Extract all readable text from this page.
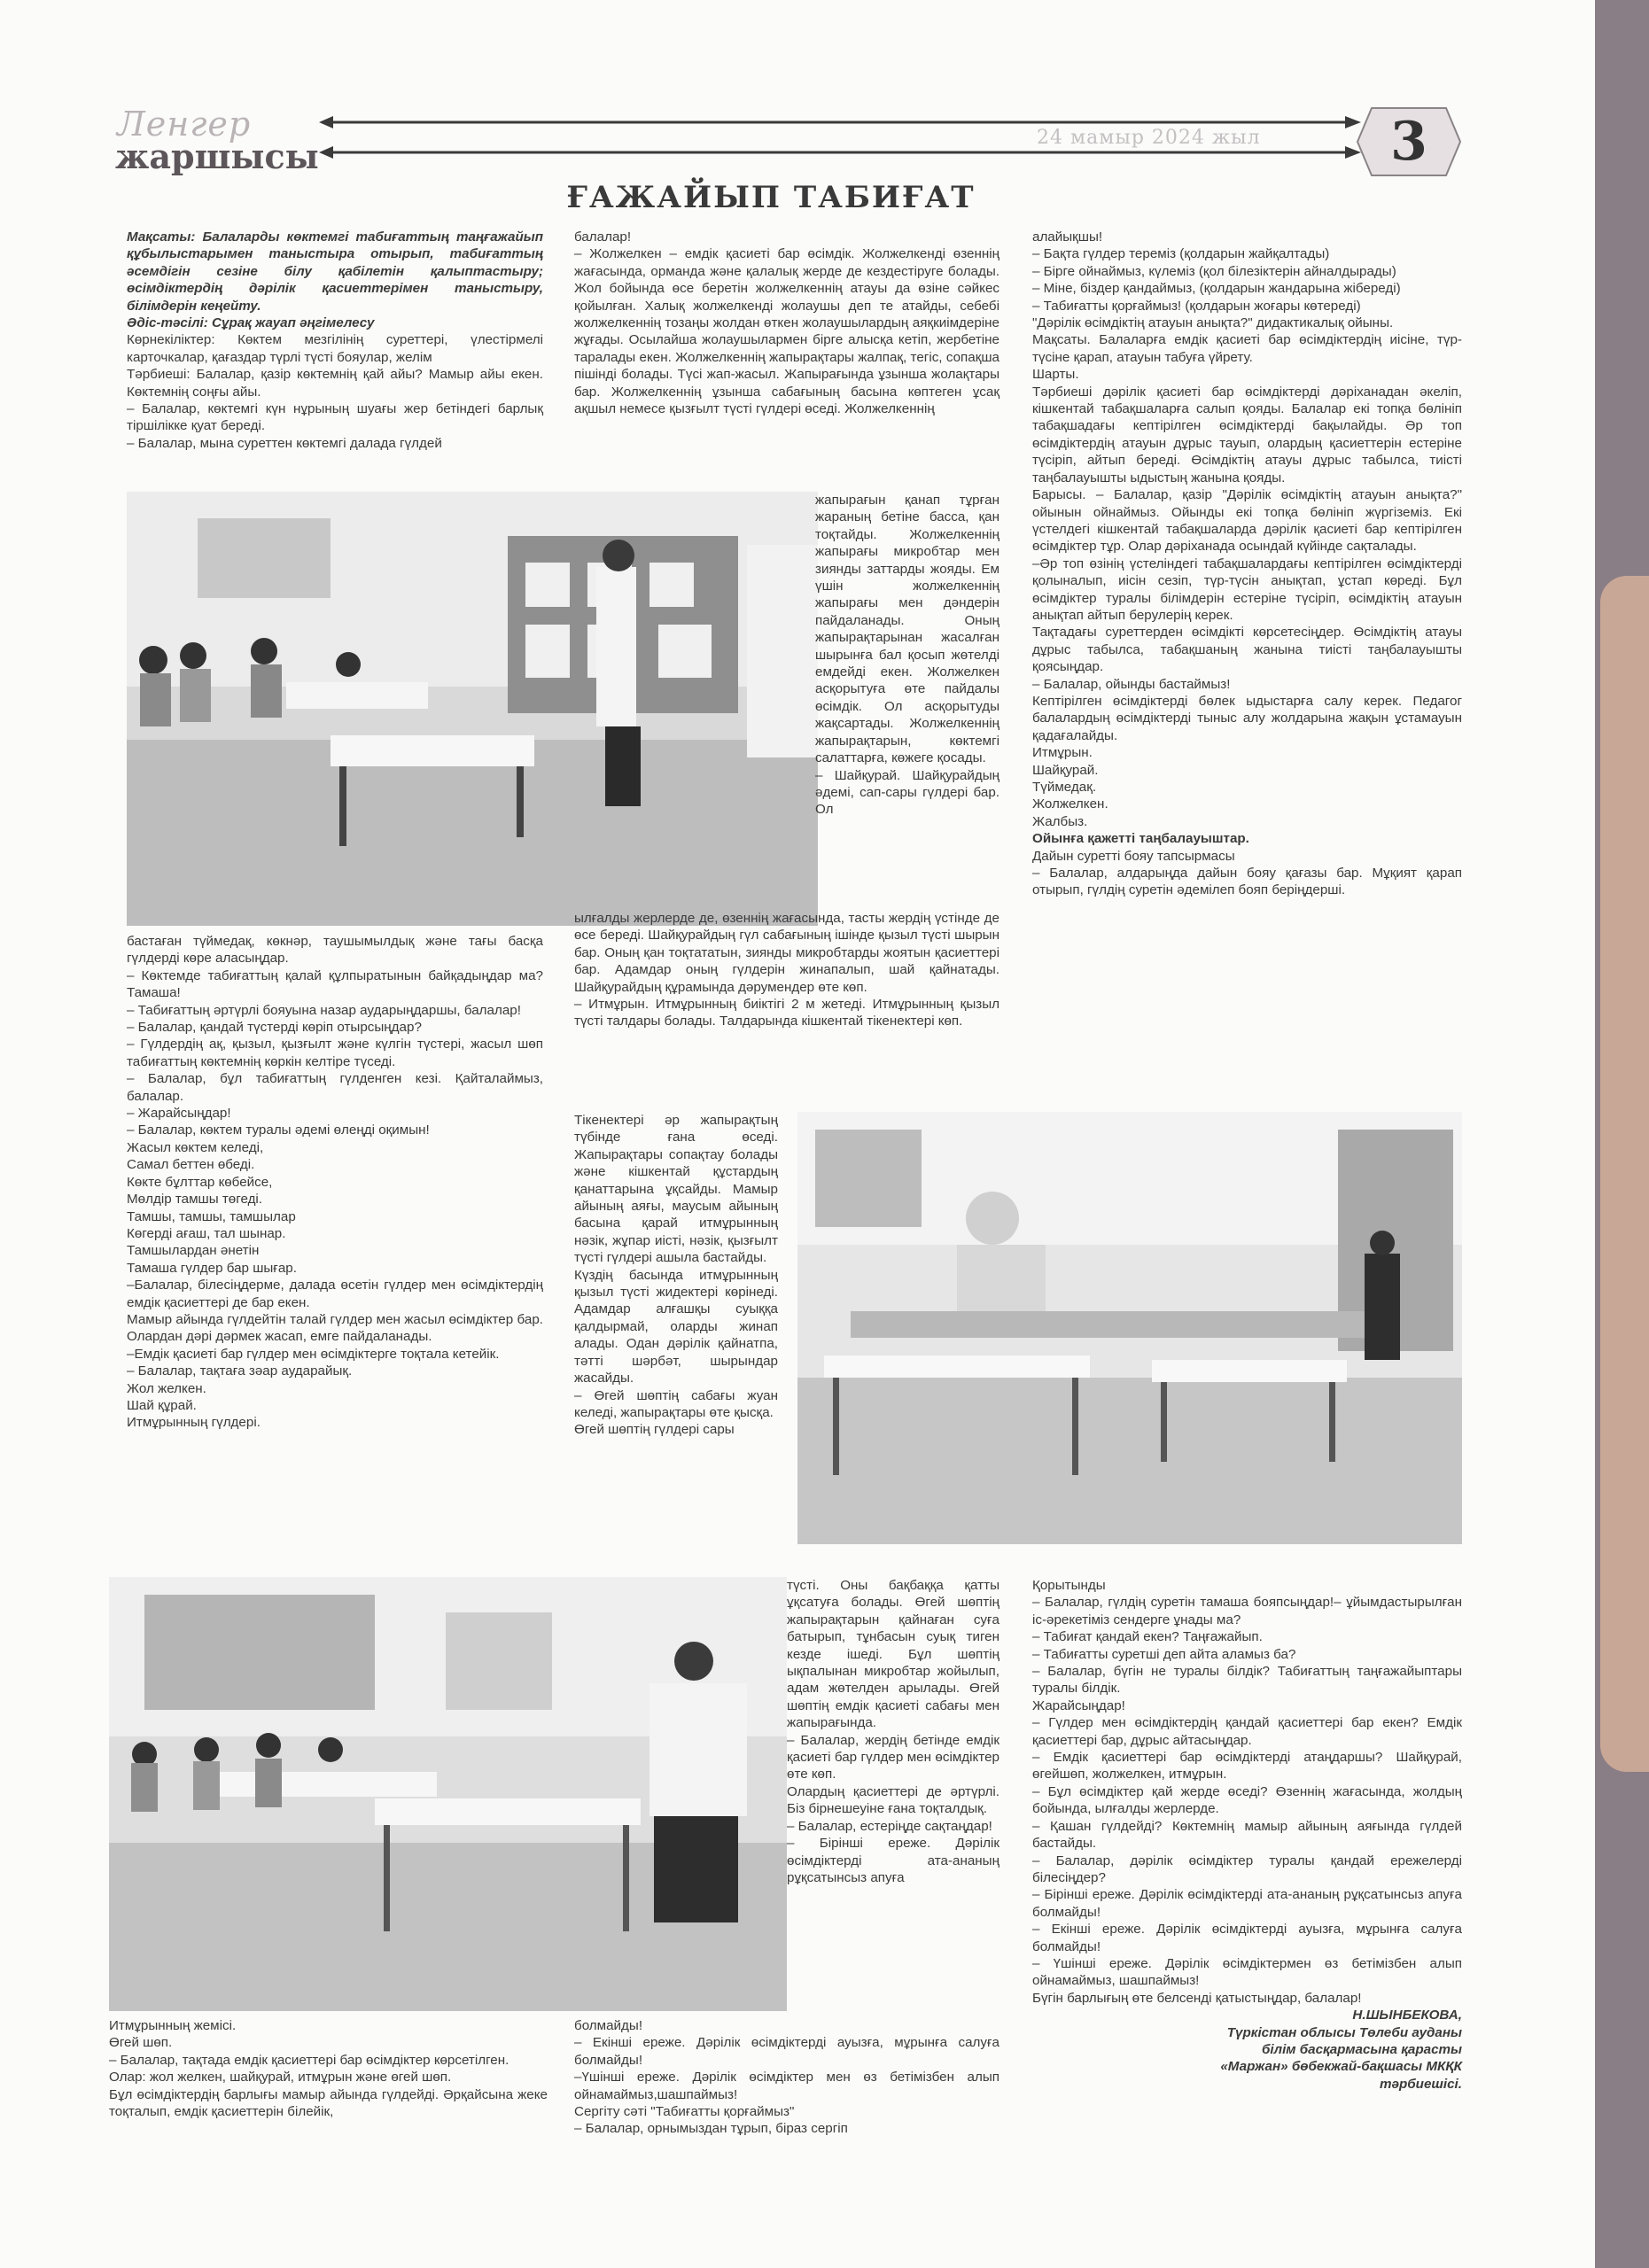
Ленгер
жаршысы	24 мамыр 2024 жыл	3
ҒАЖАЙЫП ТАБИҒАТ

Мақсаты: Балаларды көктемгі табиғаттың таңғажайып құбылыстарымен таныстыра отырып, табиғаттың әсемдігін сезіне білу қабілетін қалыптастыру; өсімдіктердің дәрілік қасиеттерімен таныстыру, білімдерін кеңейту.

Әдіс-тәсілі: Сұрақ жауап әңгімелесу

Көрнекіліктер: Көктем мезгілінің суреттері, үлестірмелі карточкалар, қағаздар түрлі түсті бояулар, желім

Тәрбиеші: Балалар, қазір көктемнің қай айы? Мамыр айы екен. Көктемнің соңғы айы.

– Балалар, көктемгі күн нұрының шуағы жер бетіндегі барлық тіршілікке қуат береді.

– Балалар, мына суреттен көктемгі далада гүлдей

балалар!

– Жолжелкен – емдік қасиеті бар өсімдік. Жолжелкенді өзеннің жағасында, орманда және қалалық жерде де кездестіруге болады. Жол бойында өсе беретін жолжелкеннің атауы да өзіне сәйкес қойылған. Халық жолжелкенді жолаушы деп те атайды, себебі жолжелкеннің тозаңы жолдан өткен жолаушылардың аяқкиімдеріне жұғады. Осылайша жолаушылармен бірге алысқа кетіп, жербетіне таралады екен. Жолжелкеннің жапырақтары жалпақ, тегіс, сопақша пішінді болады. Түсі жап-жасыл. Жапырағында ұзынша жолақтары бар. Жолжелкеннің ұзынша сабағының басына көптеген ұсақ ақшыл немесе қызғылт түсті гүлдері өседі. Жолжелкеннің

жапырағын қанап тұрған жараның бетіне басса, қан тоқтайды. Жолжелкеннің жапырағы микробтар мен зиянды заттарды жояды. Ем үшін жолжелкеннің жапырағы мен дәндерін пайдаланады. Оның жапырақтарынан жасалған шырынға бал қосып жөтелді емдейді екен. Жолжелкен асқорытуға өте пайдалы өсімдік. Ол асқорытуды жақсартады. Жолжелкеннің жапырақтарын, көктемгі салаттарға, көжеге қосады.

– Шайқурай. Шайқурайдың әдемі, сап-сары гүлдері бар. Ол

алайықшы!

– Бақта гүлдер тереміз (қолдарын жайқалтады)

– Бірге ойнаймыз, күлеміз (қол білезіктерін айналдырады)

– Міне, біздер қандаймыз, (қолдарын жандарына жібереді)

– Табиғатты қорғаймыз! (қолдарын жоғары көтереді)

"Дәрілік өсімдіктің атауын анықта?" дидактикалық ойыны.

Мақсаты. Балаларға емдік қасиеті бар өсімдіктердің иісіне, түр-түсіне қарап, атауын табуға үйрету.

Шарты.

Тәрбиеші дәрілік қасиеті бар өсімдіктерді дәріханадан әкеліп, кішкентай табақшаларға салып қояды. Балалар екі топқа бөлініп табақшадағы кептірілген өсімдіктерді бақылайды. Әр топ өсімдіктердің атауын дұрыс тауып, олардың қасиеттерін естеріне түсіріп, айтып береді. Өсімдіктің атауы дұрыс табылса, тиісті таңбалауышты ыдыстың жанына қояды.

Барысы. – Балалар, қазір "Дәрілік өсімдіктің атауын анықта?" ойынын ойнаймыз. Ойынды екі топқа бөлініп жүргіземіз. Екі үстелдегі кішкентай табақшаларда дәрілік қасиеті бар кептірілген өсімдіктер тұр. Олар дәріханада осындай күйінде сақталады.

–Әр топ өзінің үстеліндегі табақшалардағы кептірілген өсімдіктерді қолыналып, иісін сезіп, түр-түсін анықтап, ұстап көреді. Бұл өсімдіктер туралы білімдерін естеріне түсіріп, өсімдіктің атауын анықтап айтып берулерің керек.

Тақтадағы суреттерден өсімдікті көрсетесіңдер. Өсімдіктің атауы дұрыс табылса, табақшаның жанына тиісті таңбалауышты қоясыңдар.

– Балалар, ойынды бастаймыз!

Кептірілген өсімдіктерді бөлек ыдыстарға салу керек. Педагог балалардың өсімдіктерді тыныс алу жолдарына жақын ұстамауын қадағалайды.

Итмұрын.

Шайқурай.

Түймедақ.

Жолжелкен.

Жалбыз.

Ойынға қажетті таңбалауыштар.

Дайын суретті бояу тапсырмасы

– Балалар, алдарыңда дайын бояу қағазы бар. Мұқият қарап отырып, гүлдің суретін әдемілеп бояп беріңдерші.

бастаған түймедақ, көкнәр, таушымылдық және тағы басқа гүлдерді көре аласыңдар.

– Көктемде табиғаттың қалай құлпыратынын байқадыңдар ма? Тамаша!

– Табиғаттың әртүрлі бояуына назар аударыңдаршы, балалар!

– Балалар, қандай түстерді көріп отырсыңдар?

– Гүлдердің ақ, қызыл, қызғылт және күлгін түстері, жасыл шөп табиғаттың көктемнің көркін келтіре түседі.

– Балалар, бұл табиғаттың гүлденген кезі. Қайталаймыз, балалар.

– Жарайсыңдар!

– Балалар, көктем туралы әдемі өлеңді оқимын!

Жасыл көктем келеді,

Самал беттен өбеді.

Көкте бұлттар көбейсе,

Мөлдір тамшы төгеді.

Тамшы, тамшы, тамшылар

Көгерді ағаш, тал шынар.

Тамшылардан әнетін

Тамаша гүлдер бар шығар.

–Балалар, білесіңдерме, далада өсетін гүлдер мен өсімдіктердің емдік қасиеттері де бар екен.

Мамыр айында гүлдейтін талай гүлдер мен жасыл өсімдіктер бар. Олардан дәрі дәрмек жасап, емге пайдаланады.

–Емдік қасиеті бар гүлдер мен өсімдіктерге тоқтала кетейік.

– Балалар, тақтаға зәар аударайық.

Жол желкен.

Шай құрай.

Итмұрынның гүлдері.

ылғалды жерлерде де, өзеннің жағасында, тасты жердің үстінде де өсе береді. Шайқурайдың гүл сабағының ішінде қызыл түсті шырын бар. Оның қан тоқтататын, зиянды микробтарды жоятын қасиеттері бар. Адамдар оның гүлдерін жинапалып, шай қайнатады. Шайқурайдың құрамында дәрумендер өте көп.

– Итмұрын. Итмұрынның биіктігі 2 м жетеді. Итмұрынның қызыл түсті талдары болады. Талдарында кішкентай тікенектері көп.

Тікенектері әр жапырақтың түбінде ғана өседі. Жапырақтары сопақтау болады және кішкентай құстардың қанаттарына ұқсайды. Мамыр айының аяғы, маусым айының басына қарай итмұрынның нәзік, жұпар иісті, нәзік, қызғылт түсті гүлдері ашыла бастайды.

Күздің басында итмұрынның қызыл түсті жидектері көрінеді. Адамдар алғашқы суыққа қалдырмай, оларды жинап алады. Одан дәрілік қайнатпа, тәтті шәрбәт, шырындар жасайды.

– Өгей шөптің сабағы жуан келеді, жапырақтары өте қысқа.

Өгей шөптің гүлдері сары

түсті. Оны бақбаққа қатты ұқсатуға болады. Өгей шөптің жапырақтарын қайнаған суға батырып, тұнбасын суық тиген кезде ішеді. Бұл шөптің ықпалынан микробтар жойылып, адам жөтелден арылады. Өгей шөптің емдік қасиеті сабағы мен жапырағында.

– Балалар, жердің бетінде емдік қасиеті бар гүлдер мен өсімдіктер өте көп.

Олардың қасиеттері де әртүрлі. Біз бірнешеуіне ғана тоқталдық.

– Балалар, естеріңде сақтаңдар!

– Бірінші ереже. Дәрілік өсімдіктерді ата-ананың рұқсатынсыз апуға

Итмұрынның жемісі.

Өгей шөп.

– Балалар, тақтада емдік қасиеттері бар өсімдіктер көрсетілген.

Олар: жол желкен, шайқурай, итмұрын және өгей шөп.

Бұл өсімдіктердің барлығы мамыр айында гүлдейді. Әрқайсына жеке тоқталып, емдік қасиеттерін білейік,

болмайды!

– Екінші ереже. Дәрілік өсімдіктерді ауызға, мұрынға салуға болмайды!

–Үшінші ереже. Дәрілік өсімдіктер мен өз бетімізбен алып ойнамаймыз,шашпаймыз!

Сергіту сәті "Табиғатты қорғаймыз"

– Балалар, орнымыздан тұрып, біраз сергіп

Қорытынды

– Балалар, гүлдің суретін тамаша бояпсыңдар!– ұйымдастырылған іс-әрекетіміз сендерге ұнады ма?

– Табиғат қандай екен? Таңғажайып.

– Табиғатты суретші деп айта аламыз ба?

– Балалар, бүгін не туралы білдік? Табиғаттың таңғажайыптары туралы білдік.

Жарайсыңдар!

– Гүлдер мен өсімдіктердің қандай қасиеттері бар екен? Емдік қасиеттері бар, дұрыс айтасыңдар.

– Емдік қасиеттері бар өсімдіктерді атаңдаршы? Шайқурай, өгейшөп, жолжелкен, итмұрын.

– Бұл өсімдіктер қай жерде өседі? Өзеннің жағасында, жолдың бойында, ылғалды жерлерде.

– Қашан гүлдейді? Көктемнің мамыр айының аяғында гүлдей бастайды.

– Балалар, дәрілік өсімдіктер туралы қандай ережелерді білесіңдер?

– Бірінші ереже. Дәрілік өсімдіктерді ата-ананың рұқсатынсыз апуға болмайды!

– Екінші ереже. Дәрілік өсімдіктерді ауызға, мұрынға салуға болмайды!

– Үшінші ереже. Дәрілік өсімдіктермен өз бетімізбен алып ойнамаймыз, шашпаймыз!

Бүгін барлығың өте белсенді қатыстыңдар, балалар!

Н.ШЫНБЕКОВА,

Түркістан облысы Төлеби ауданы

білім басқармасына қарасты

«Маржан» бөбекжай-бақшасы МКҚК

тәрбиешісі.
